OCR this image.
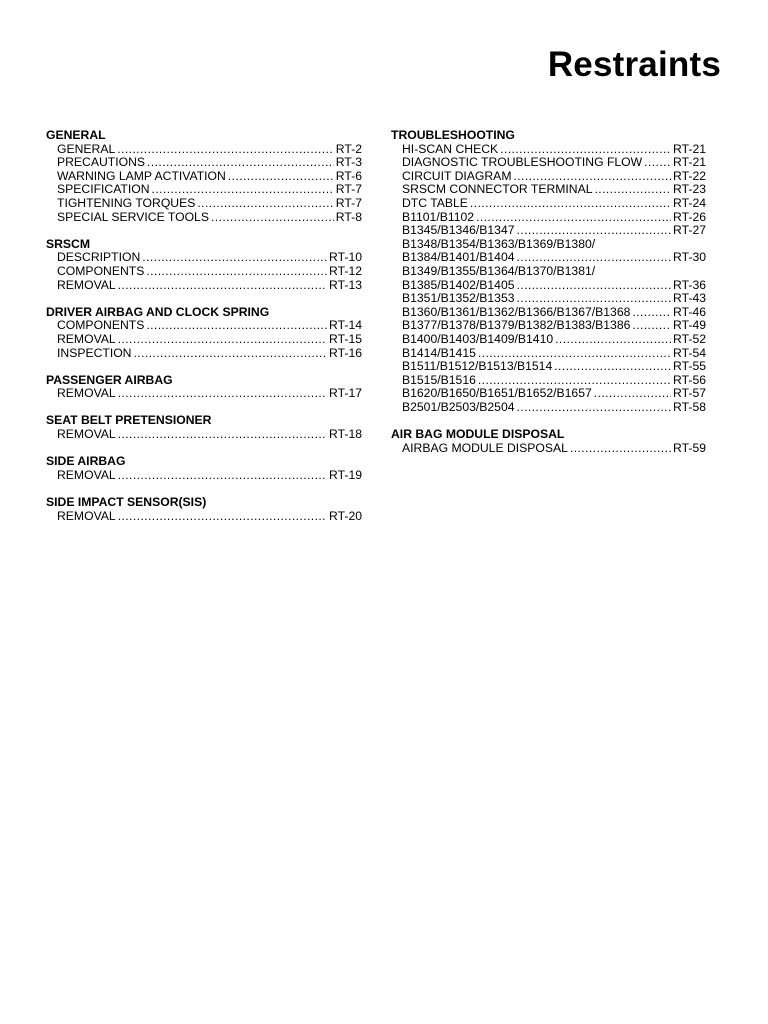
Restraints
GENERAL
GENERAL .....	RT-2
PRECAUTIONS .....	RT-3
WARNING LAMP ACTIVATION .....	RT-6
SPECIFICATION .....	RT-7
TIGHTENING TORQUES .....	RT-7
SPECIAL SERVICE TOOLS .....	RT-8
SRSCM
DESCRIPTION .....	RT-10
COMPONENTS .....	RT-12
REMOVAL .....	RT-13
DRIVER AIRBAG AND CLOCK SPRING
COMPONENTS .....	RT-14
REMOVAL .....	RT-15
INSPECTION .....	RT-16
PASSENGER AIRBAG
REMOVAL .....	RT-17
SEAT BELT PRETENSIONER
REMOVAL .....	RT-18
SIDE AIRBAG
REMOVAL .....	RT-19
SIDE IMPACT SENSOR(SIS)
REMOVAL .....	RT-20
TROUBLESHOOTING
HI-SCAN CHECK .....	RT-21
DIAGNOSTIC TROUBLESHOOTING FLOW .....	RT-21
CIRCUIT DIAGRAM .....	RT-22
SRSCM CONNECTOR TERMINAL .....	RT-23
DTC TABLE .....	RT-24
B1101/B1102 .....	RT-26
B1345/B1346/B1347 .....	RT-27
B1348/B1354/B1363/B1369/B1380/
B1384/B1401/B1404 .....	RT-30
B1349/B1355/B1364/B1370/B1381/
B1385/B1402/B1405 .....	RT-36
B1351/B1352/B1353 .....	RT-43
B1360/B1361/B1362/B1366/B1367/B1368 .....	RT-46
B1377/B1378/B1379/B1382/B1383/B1386 .....	RT-49
B1400/B1403/B1409/B1410 .....	RT-52
B1414/B1415 .....	RT-54
B1511/B1512/B1513/B1514 .....	RT-55
B1515/B1516 .....	RT-56
B1620/B1650/B1651/B1652/B1657 .....	RT-57
B2501/B2503/B2504 .....	RT-58
AIR BAG MODULE DISPOSAL
AIRBAG MODULE DISPOSAL .....	RT-59
